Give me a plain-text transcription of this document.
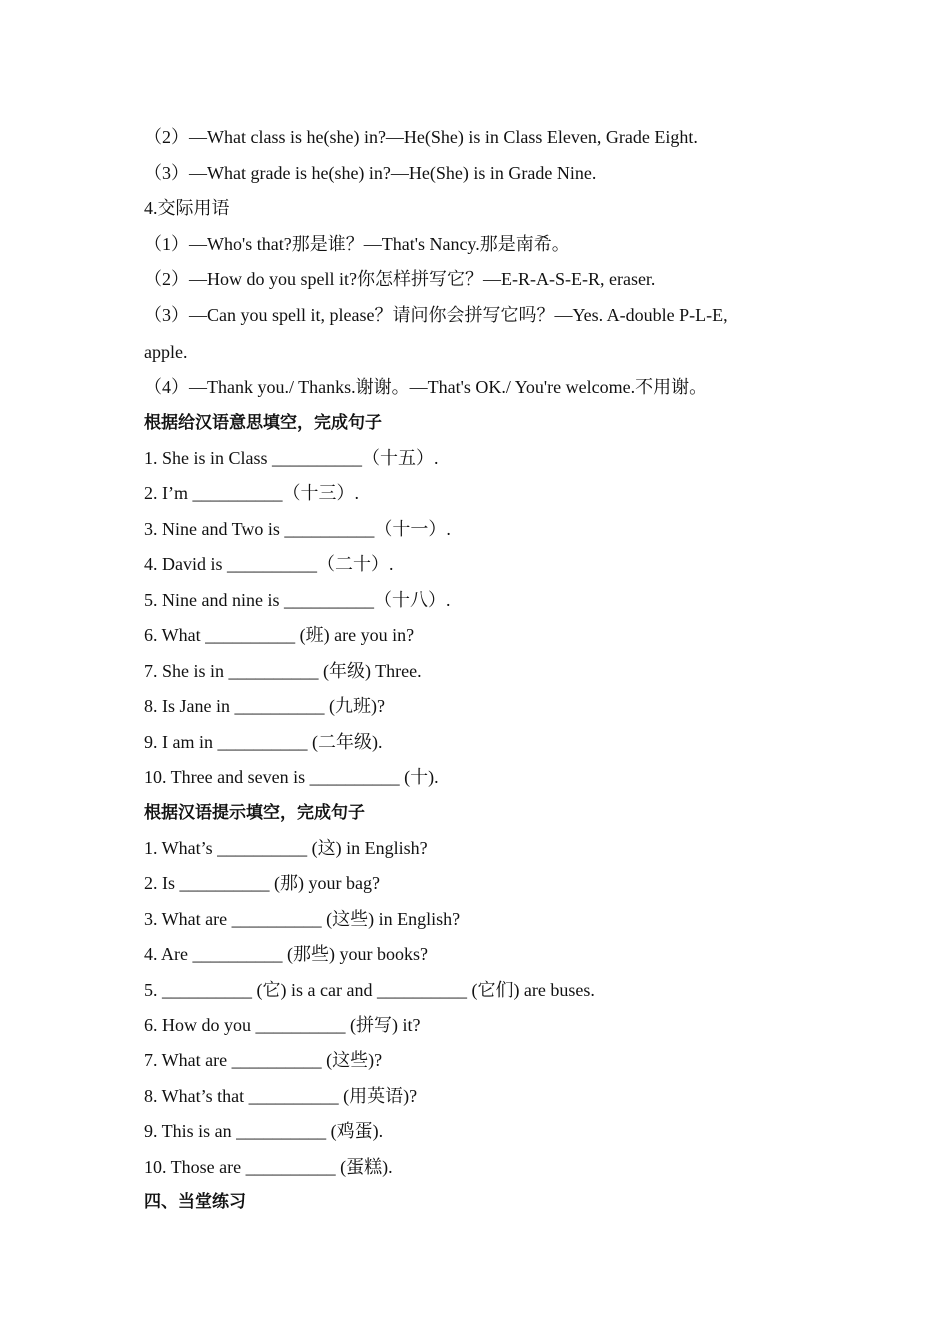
（2）—What class is he(she) in?—He(She) is in Class Eleven, Grade Eight.
（3）—What grade is he(she) in?—He(She) is in Grade Nine.
4.交际用语
（1）—Who's that?那是谁？—That's Nancy.那是南希。
（2）—How do you spell it?你怎样拼写它？—E-R-A-S-E-R, eraser.
（3）—Can you spell it, please？请问你会拼写它吗？—Yes. A-double P-L-E,
apple.
（4）—Thank you./ Thanks.谢谢。—That's OK./ You're welcome.不用谢。
根据给汉语意思填空，完成句子
1. She is in Class __________（十五）.
2. I’m __________（十三）.
3. Nine and Two is __________（十一）.
4. David is __________（二十）.
5. Nine and nine is __________（十八）.
6. What __________ (班) are you in?
7. She is in __________ (年级) Three.
8. Is Jane in __________ (九班)?
9. I am in __________ (二年级).
10. Three and seven is __________ (十).
根据汉语提示填空，完成句子
1. What’s __________ (这) in English?
2. Is __________ (那) your bag?
3. What are __________ (这些) in English?
4. Are __________ (那些) your books?
5. __________ (它) is a car and __________ (它们) are buses.
6. How do you __________ (拼写) it?
7. What are __________ (这些)?
8. What’s that __________ (用英语)?
9. This is an __________ (鸡蛋).
10. Those are __________ (蛋糕).
四、当堂练习
